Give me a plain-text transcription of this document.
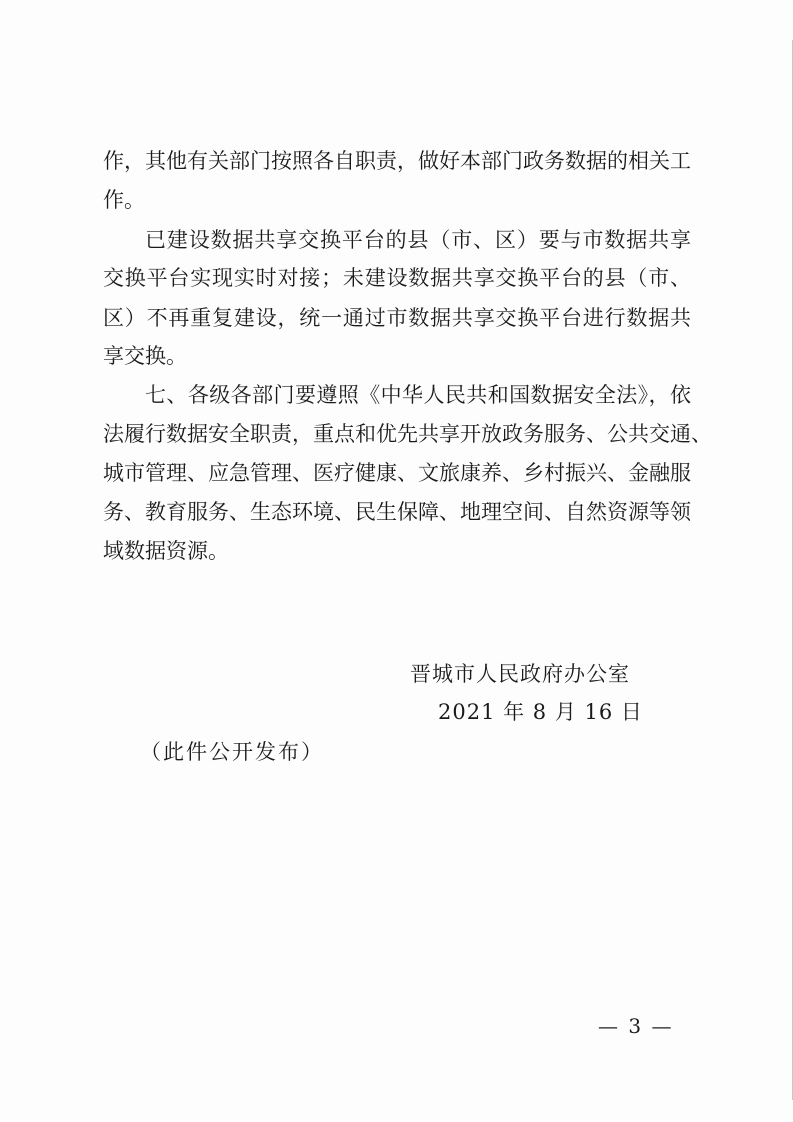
作，其他有关部门按照各自职责，做好本部门政务数据的相关工
作。
已建设数据共享交换平台的县（市、区）要与市数据共享
交换平台实现实时对接；未建设数据共享交换平台的县（市、
区）不再重复建设，统一通过市数据共享交换平台进行数据共
享交换。
七、各级各部门要遵照《中华人民共和国数据安全法》，依
法履行数据安全职责，重点和优先共享开放政务服务、公共交通、
城市管理、应急管理、医疗健康、文旅康养、乡村振兴、金融服
务、教育服务、生态环境、民生保障、地理空间、自然资源等领
域数据资源。
晋城市人民政府办公室
2021 年 8 月 16 日
（此件公开发布）
— 3 —
